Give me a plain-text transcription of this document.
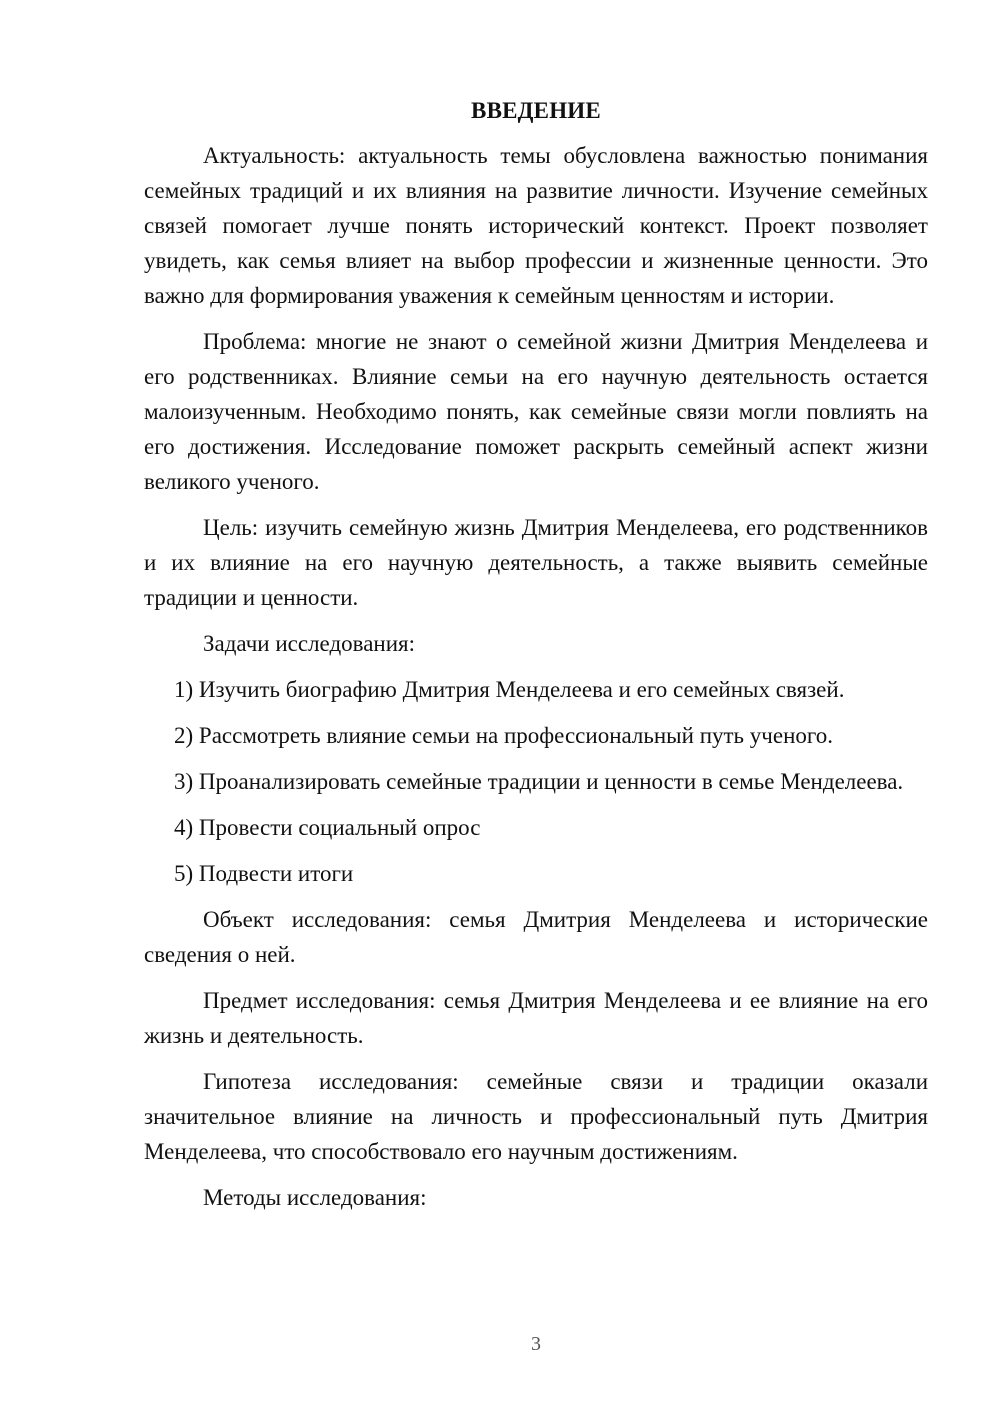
ВВЕДЕНИЕ

Актуальность: актуальность темы обусловлена важностью понимания семейных традиций и их влияния на развитие личности. Изучение семейных связей помогает лучше понять исторический контекст. Проект позволяет увидеть, как семья влияет на выбор профессии и жизненные ценности. Это важно для формирования уважения к семейным ценностям и истории.

Проблема: многие не знают о семейной жизни Дмитрия Менделеева и его родственниках. Влияние семьи на его научную деятельность остается малоизученным. Необходимо понять, как семейные связи могли повлиять на его достижения. Исследование поможет раскрыть семейный аспект жизни великого ученого.

Цель: изучить семейную жизнь Дмитрия Менделеева, его родственников и их влияние на его научную деятельность, а также выявить семейные традиции и ценности.

Задачи исследования:

1) Изучить биографию Дмитрия Менделеева и его семейных связей.

2) Рассмотреть влияние семьи на профессиональный путь ученого.

3) Проанализировать семейные традиции и ценности в семье Менделеева.

4) Провести социальный опрос

5) Подвести итоги

Объект исследования: семья Дмитрия Менделеева и исторические сведения о ней.

Предмет исследования: семья Дмитрия Менделеева и ее влияние на его жизнь и деятельность.

Гипотеза исследования: семейные связи и традиции оказали значительное влияние на личность и профессиональный путь Дмитрия Менделеева, что способствовало его научным достижениям.

Методы исследования:

3
